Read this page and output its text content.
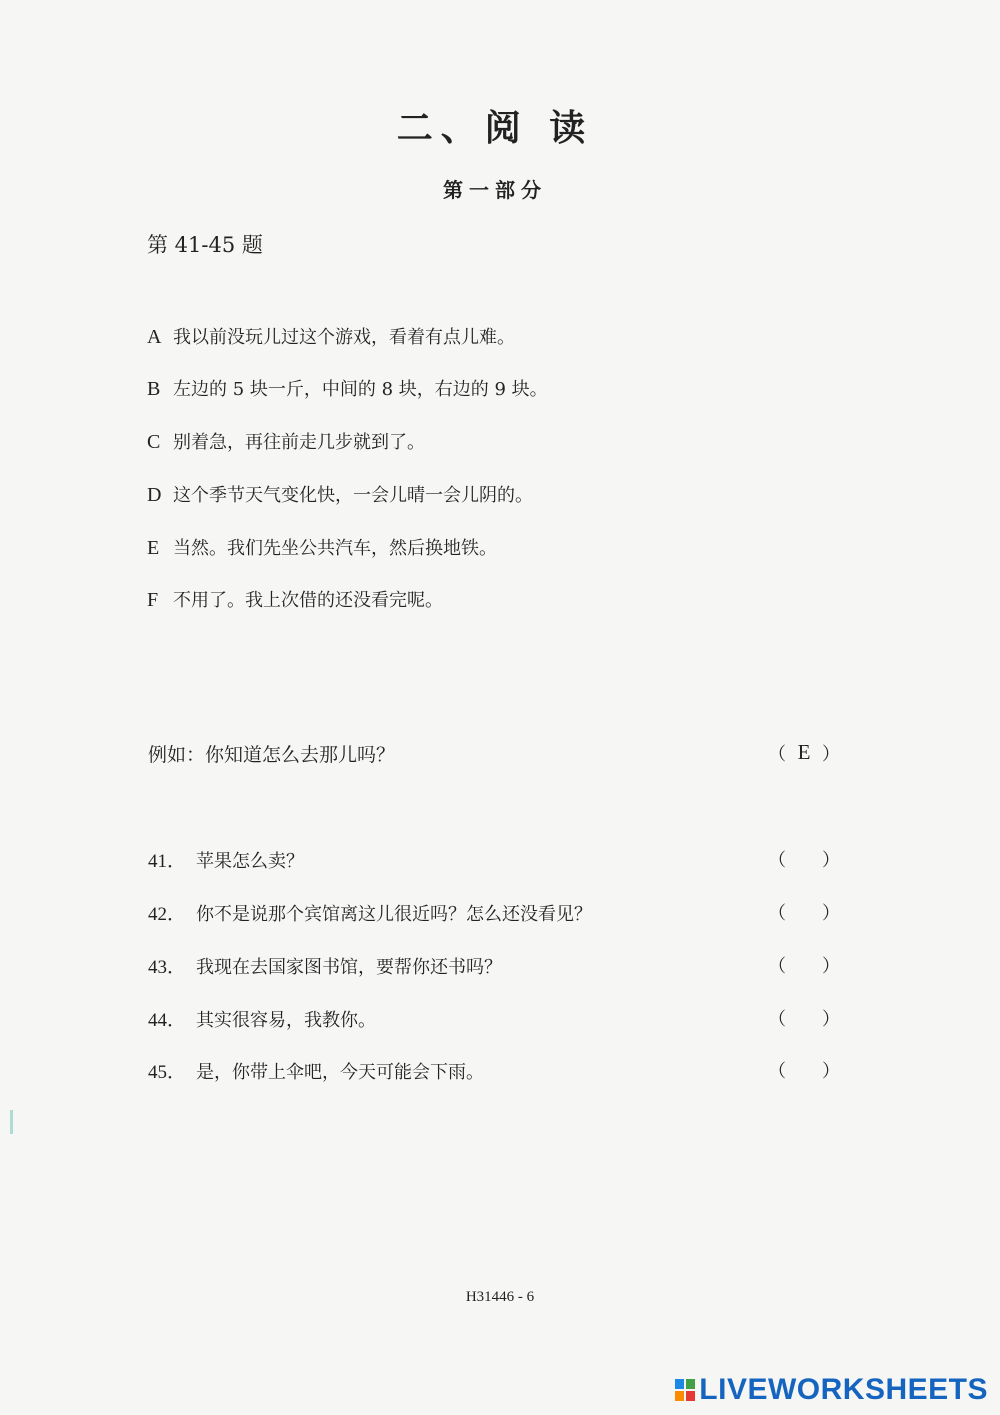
二、阅 读
第一部分
第 41-45 题
A 我以前没玩儿过这个游戏，看着有点儿难。
B 左边的 5 块一斤，中间的 8 块，右边的 9 块。
C 别着急，再往前走几步就到了。
D 这个季节天气变化快，一会儿晴一会儿阴的。
E 当然。我们先坐公共汽车，然后换地铁。
F 不用了。我上次借的还没看完呢。
例如：你知道怎么去那儿吗？	（ E ）
41． 苹果怎么卖？	（ ）
42． 你不是说那个宾馆离这儿很近吗？怎么还没看见？	（ ）
43． 我现在去国家图书馆，要帮你还书吗？	（ ）
44． 其实很容易，我教你。	（ ）
45． 是，你带上伞吧，今天可能会下雨。	（ ）
H31446 - 6
LIVEWORKSHEETS
